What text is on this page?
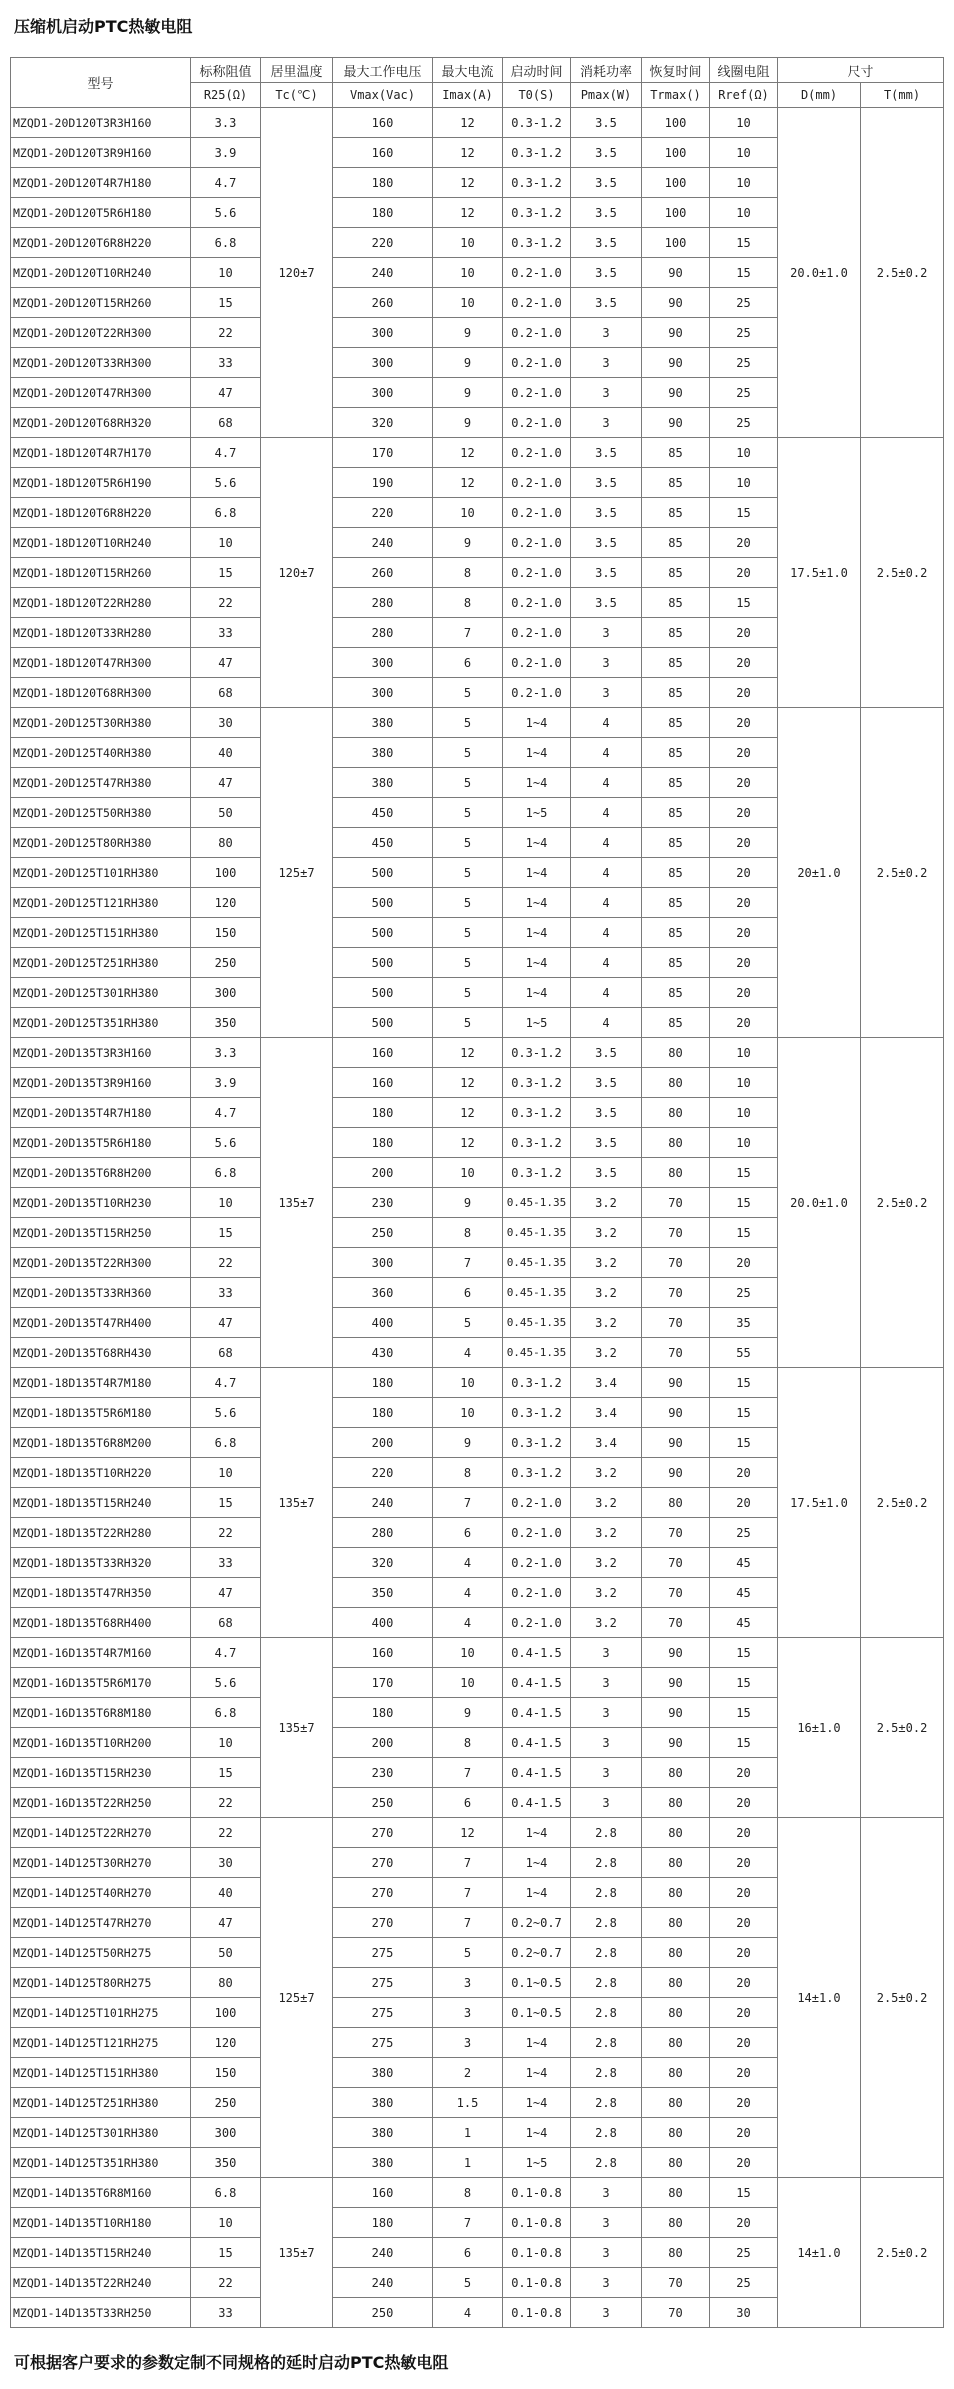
压缩机启动PTC热敏电阻
型号	标称阻值	居里温度	最大工作电压	最大电流	启动时间	消耗功率	恢复时间	线圈电阻	尺寸	
	R25(Ω)	Tc(℃)	Vmax(Vac)	Imax(A)	T0(S)	Pmax(W)	Trmax()	Rref(Ω)	D(mm)	T(mm)
MZQD1-20D120T3R3H160	3.3	120±7	160	12	0.3-1.2	3.5	100	10	20.0±1.0	2.5±0.2
MZQD1-20D120T3R9H160	3.9		160	12	0.3-1.2	3.5	100	10		
MZQD1-20D120T4R7H180	4.7		180	12	0.3-1.2	3.5	100	10		
MZQD1-20D120T5R6H180	5.6		180	12	0.3-1.2	3.5	100	10		
MZQD1-20D120T6R8H220	6.8		220	10	0.3-1.2	3.5	100	15		
MZQD1-20D120T10RH240	10		240	10	0.2-1.0	3.5	90	15		
MZQD1-20D120T15RH260	15		260	10	0.2-1.0	3.5	90	25		
MZQD1-20D120T22RH300	22		300	9	0.2-1.0	3	90	25		
MZQD1-20D120T33RH300	33		300	9	0.2-1.0	3	90	25		
MZQD1-20D120T47RH300	47		300	9	0.2-1.0	3	90	25		
MZQD1-20D120T68RH320	68		320	9	0.2-1.0	3	90	25		
MZQD1-18D120T4R7H170	4.7	120±7	170	12	0.2-1.0	3.5	85	10	17.5±1.0	2.5±0.2
MZQD1-18D120T5R6H190	5.6		190	12	0.2-1.0	3.5	85	10		
MZQD1-18D120T6R8H220	6.8		220	10	0.2-1.0	3.5	85	15		
MZQD1-18D120T10RH240	10		240	9	0.2-1.0	3.5	85	20		
MZQD1-18D120T15RH260	15		260	8	0.2-1.0	3.5	85	20		
MZQD1-18D120T22RH280	22		280	8	0.2-1.0	3.5	85	15		
MZQD1-18D120T33RH280	33		280	7	0.2-1.0	3	85	20		
MZQD1-18D120T47RH300	47		300	6	0.2-1.0	3	85	20		
MZQD1-18D120T68RH300	68		300	5	0.2-1.0	3	85	20		
MZQD1-20D125T30RH380	30	125±7	380	5	1~4	4	85	20	20±1.0	2.5±0.2
MZQD1-20D125T40RH380	40		380	5	1~4	4	85	20		
MZQD1-20D125T47RH380	47		380	5	1~4	4	85	20		
MZQD1-20D125T50RH380	50		450	5	1~5	4	85	20		
MZQD1-20D125T80RH380	80		450	5	1~4	4	85	20		
MZQD1-20D125T101RH380	100		500	5	1~4	4	85	20		
MZQD1-20D125T121RH380	120		500	5	1~4	4	85	20		
MZQD1-20D125T151RH380	150		500	5	1~4	4	85	20		
MZQD1-20D125T251RH380	250		500	5	1~4	4	85	20		
MZQD1-20D125T301RH380	300		500	5	1~4	4	85	20		
MZQD1-20D125T351RH380	350		500	5	1~5	4	85	20		
MZQD1-20D135T3R3H160	3.3	135±7	160	12	0.3-1.2	3.5	80	10	20.0±1.0	2.5±0.2
MZQD1-20D135T3R9H160	3.9		160	12	0.3-1.2	3.5	80	10		
MZQD1-20D135T4R7H180	4.7		180	12	0.3-1.2	3.5	80	10		
MZQD1-20D135T5R6H180	5.6		180	12	0.3-1.2	3.5	80	10		
MZQD1-20D135T6R8H200	6.8		200	10	0.3-1.2	3.5	80	15		
MZQD1-20D135T10RH230	10		230	9	0.45-1.35	3.2	70	15		
MZQD1-20D135T15RH250	15		250	8	0.45-1.35	3.2	70	15		
MZQD1-20D135T22RH300	22		300	7	0.45-1.35	3.2	70	20		
MZQD1-20D135T33RH360	33		360	6	0.45-1.35	3.2	70	25		
MZQD1-20D135T47RH400	47		400	5	0.45-1.35	3.2	70	35		
MZQD1-20D135T68RH430	68		430	4	0.45-1.35	3.2	70	55		
MZQD1-18D135T4R7M180	4.7	135±7	180	10	0.3-1.2	3.4	90	15	17.5±1.0	2.5±0.2
MZQD1-18D135T5R6M180	5.6		180	10	0.3-1.2	3.4	90	15		
MZQD1-18D135T6R8M200	6.8		200	9	0.3-1.2	3.4	90	15		
MZQD1-18D135T10RH220	10		220	8	0.3-1.2	3.2	90	20		
MZQD1-18D135T15RH240	15		240	7	0.2-1.0	3.2	80	20		
MZQD1-18D135T22RH280	22		280	6	0.2-1.0	3.2	70	25		
MZQD1-18D135T33RH320	33		320	4	0.2-1.0	3.2	70	45		
MZQD1-18D135T47RH350	47		350	4	0.2-1.0	3.2	70	45		
MZQD1-18D135T68RH400	68		400	4	0.2-1.0	3.2	70	45		
MZQD1-16D135T4R7M160	4.7	135±7	160	10	0.4-1.5	3	90	15	16±1.0	2.5±0.2
MZQD1-16D135T5R6M170	5.6		170	10	0.4-1.5	3	90	15		
MZQD1-16D135T6R8M180	6.8		180	9	0.4-1.5	3	90	15		
MZQD1-16D135T10RH200	10		200	8	0.4-1.5	3	90	15		
MZQD1-16D135T15RH230	15		230	7	0.4-1.5	3	80	20		
MZQD1-16D135T22RH250	22		250	6	0.4-1.5	3	80	20		
MZQD1-14D125T22RH270	22	125±7	270	12	1~4	2.8	80	20	14±1.0	2.5±0.2
MZQD1-14D125T30RH270	30		270	7	1~4	2.8	80	20		
MZQD1-14D125T40RH270	40		270	7	1~4	2.8	80	20		
MZQD1-14D125T47RH270	47		270	7	0.2~0.7	2.8	80	20		
MZQD1-14D125T50RH275	50		275	5	0.2~0.7	2.8	80	20		
MZQD1-14D125T80RH275	80		275	3	0.1~0.5	2.8	80	20		
MZQD1-14D125T101RH275	100		275	3	0.1~0.5	2.8	80	20		
MZQD1-14D125T121RH275	120		275	3	1~4	2.8	80	20		
MZQD1-14D125T151RH380	150		380	2	1~4	2.8	80	20		
MZQD1-14D125T251RH380	250		380	1.5	1~4	2.8	80	20		
MZQD1-14D125T301RH380	300		380	1	1~4	2.8	80	20		
MZQD1-14D125T351RH380	350		380	1	1~5	2.8	80	20		
MZQD1-14D135T6R8M160	6.8	135±7	160	8	0.1-0.8	3	80	15	14±1.0	2.5±0.2
MZQD1-14D135T10RH180	10		180	7	0.1-0.8	3	80	20		
MZQD1-14D135T15RH240	15		240	6	0.1-0.8	3	80	25		
MZQD1-14D135T22RH240	22		240	5	0.1-0.8	3	70	25		
MZQD1-14D135T33RH250	33		250	4	0.1-0.8	3	70	30		
可根据客户要求的参数定制不同规格的延时启动PTC热敏电阻
